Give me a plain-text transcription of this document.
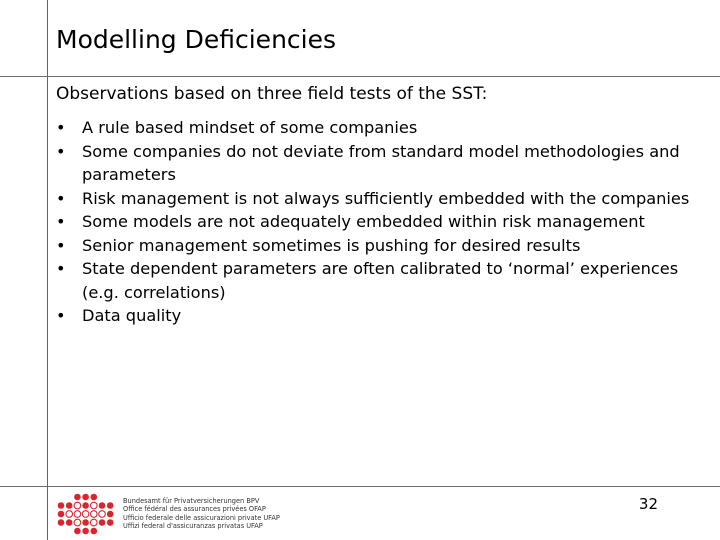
Modelling Deficiencies
Observations based on three field tests of the SST:
• A rule based mindset of some companies
• Some companies do not deviate from standard model methodologies and parameters
• Risk management is not always sufficiently embedded with the companies
• Some models are not adequately embedded within risk management
• Senior management sometimes is pushing for desired results
• State dependent parameters are often calibrated to ‘normal’ experiences (e.g. correlations)
• Data quality
Bundesamt für Privatversicherungen BPV
Office fédéral des assurances privées OFAP
Ufficio federale delle assicurazioni private UFAP
Uffizi federal d'assicuranzas privatas UFAP
32
